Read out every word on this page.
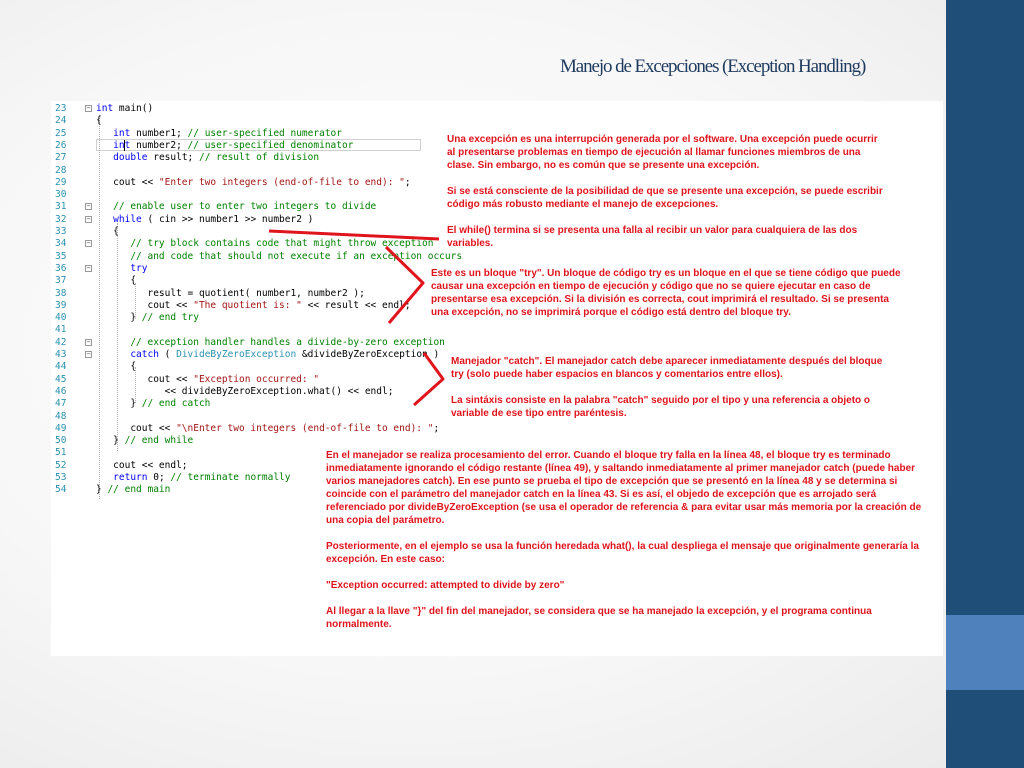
Manejo de Excepciones (Exception Handling)
23	− int main()
24	{
25	int number1; // user-specified numerator
26	int number2; // user-specified denominator
27	double result; // result of division
28
29	cout << "Enter two integers (end-of-file to end): ";
30
31	−	// enable user to enter two integers to divide
32	−	while ( cin >> number1 >> number2 )
33	{
34	−	// try block contains code that might throw exception
35	// and code that should not execute if an exception occurs
36	−	try
37	{
38	result = quotient( number1, number2 );
39	cout << "The quotient is: " << result << endl;
40	} // end try
41
42	−	// exception handler handles a divide-by-zero exception
43	−	catch ( DivideByZeroException &divideByZeroException )
44	{
45	cout << "Exception occurred: "
46	<< divideByZeroException.what() << endl;
47	} // end catch
48
49	cout << "\nEnter two integers (end-of-file to end): ";
50	} // end while
51
52	cout << endl;
53	return 0; // terminate normally
54	} // end main

Una excepción es una interrupción generada por el software. Una excepción puede ocurrir al presentarse problemas en tiempo de ejecución al llamar funciones miembros de una clase. Sin embargo, no es común que se presente una excepción.

Si se está consciente de la posibilidad de que se presente una excepción, se puede escribir código más robusto mediante el manejo de excepciones.

El while() termina si se presenta una falla al recibir un valor para cualquiera de las dos variables.

Este es un bloque "try". Un bloque de código try es un bloque en el que se tiene código que puede causar una excepción en tiempo de ejecución y código que no se quiere ejecutar en caso de presentarse esa excepción. Si la división es correcta, cout imprimirá el resultado. Si se presenta una excepción, no se imprimirá porque el código está dentro del bloque try.

Manejador "catch". El manejador catch debe aparecer inmediatamente después del bloque try (solo puede haber espacios en blancos y comentarios entre ellos).

La sintáxis consiste en la palabra "catch" seguido por el tipo y una referencia a objeto o variable de ese tipo entre paréntesis.

En el manejador se realiza procesamiento del error. Cuando el bloque try falla en la línea 48, el bloque try es terminado inmediatamente ignorando el código restante (línea 49), y saltando inmediatamente al primer manejador catch (puede haber varios manejadores catch). En ese punto se prueba el tipo de excepción que se presentó en la línea 48 y se determina si coincide con el parámetro del manejador catch en la línea 43. Si es así, el objedo de excepción que es arrojado será referenciado por divideByZeroException (se usa el operador de referencia & para evitar usar más memoria por la creación de una copia del parámetro.

Posteriormente, en el ejemplo se usa la función heredada what(), la cual despliega el mensaje que originalmente generaría la excepción. En este caso:

"Exception occurred: attempted to divide by zero"

Al llegar a la llave "}" del fin del manejador, se considera que se ha manejado la excepción, y el programa continua normalmente.
